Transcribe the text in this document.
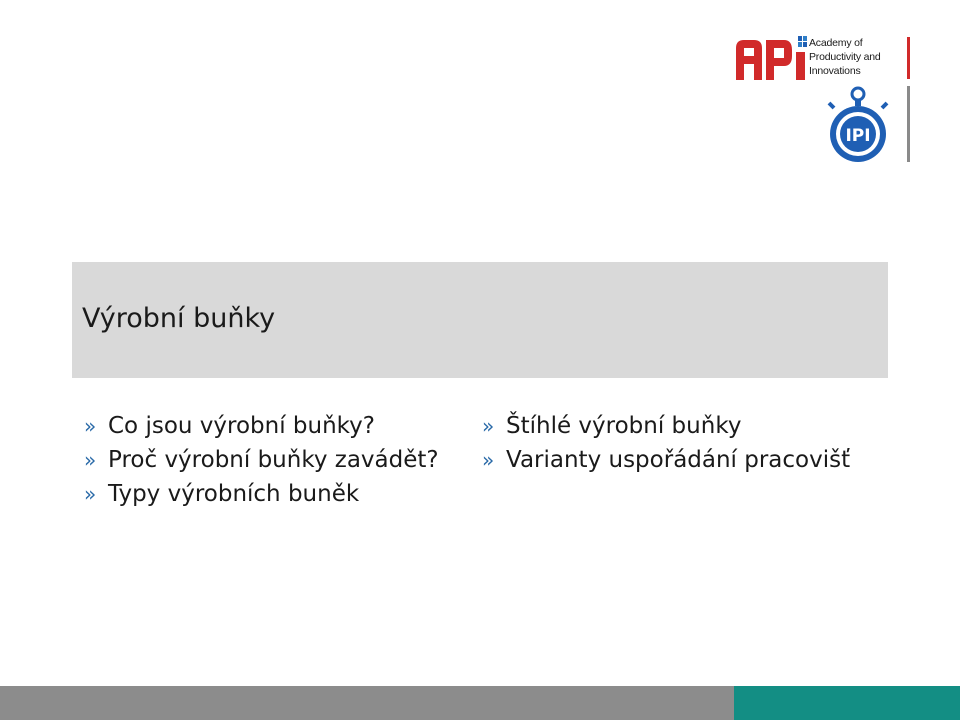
Academy of
Productivity and
Innovations
IPI
Výrobní buňky
» Co jsou výrobní buňky?
» Proč výrobní buňky zavádět?
» Typy výrobních buněk
» Štíhlé výrobní buňky
» Varianty uspořádání pracovišť
